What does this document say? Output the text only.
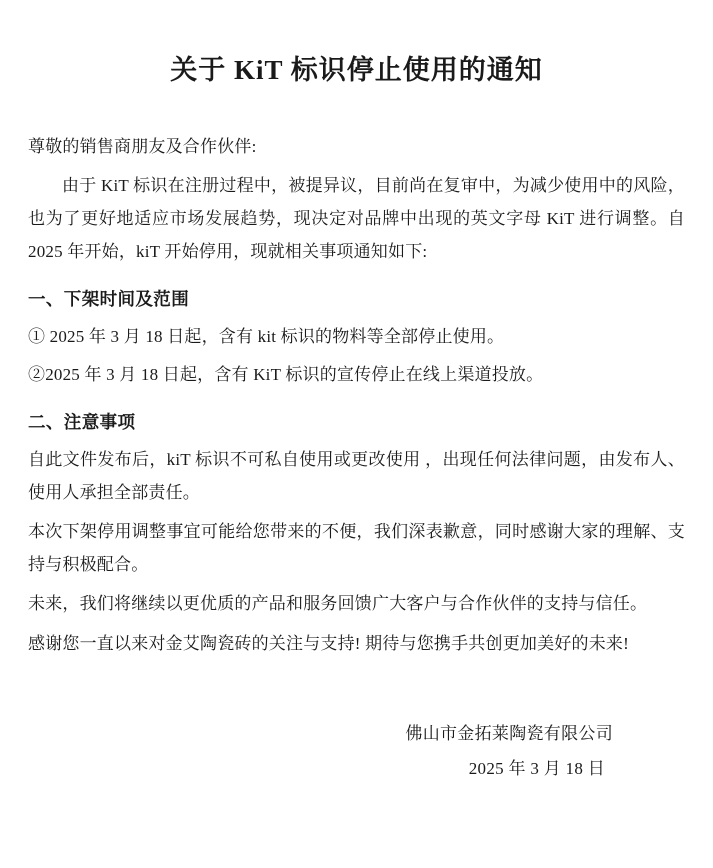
关于 KiT 标识停止使用的通知

尊敬的销售商朋友及合作伙伴:

由于 KiT 标识在注册过程中，被提异议，目前尚在复审中，为减少使用中的风险，也为了更好地适应市场发展趋势，现决定对品牌中出现的英文字母 KiT 进行调整。自 2025 年开始，kiT 开始停用，现就相关事项通知如下:

一、下架时间及范围

① 2025 年 3 月 18 日起，含有 kit 标识的物料等全部停止使用。

②2025 年 3 月 18 日起，含有 KiT 标识的宣传停止在线上渠道投放。

二、注意事项

自此文件发布后，kiT 标识不可私自使用或更改使用 ，出现任何法律问题，由发布人、使用人承担全部责任。

本次下架停用调整事宜可能给您带来的不便，我们深表歉意，同时感谢大家的理解、支持与积极配合。

未来，我们将继续以更优质的产品和服务回馈广大客户与合作伙伴的支持与信任。

感谢您一直以来对金艾陶瓷砖的关注与支持! 期待与您携手共创更加美好的未来!

佛山市金拓莱陶瓷有限公司
2025 年 3 月 18 日
